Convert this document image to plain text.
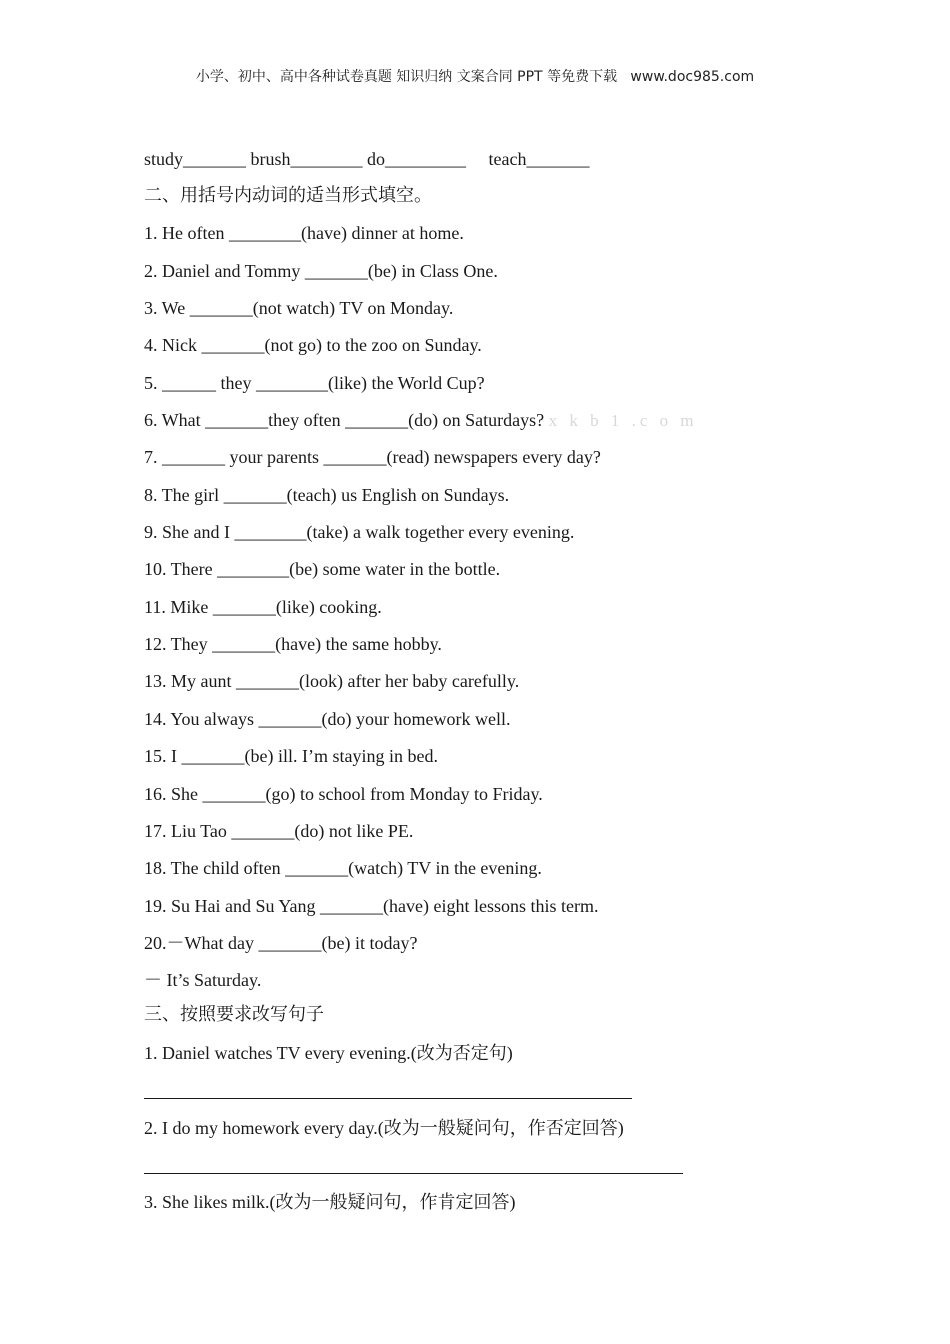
小学、初中、高中各种试卷真题 知识归纳 文案合同 PPT 等免费下载   www.doc985.com
study_______ brush________ do_________     teach_______
二、用括号内动词的适当形式填空。
1. He often ________(have) dinner at home.
2. Daniel and Tommy _______(be) in Class One.
3. We _______(not watch) TV on Monday.
4. Nick _______(not go) to the zoo on Sunday.
5. ______ they ________(like) the World Cup?
6. What _______they often _______(do) on Saturdays? x k b 1 .c o m
7. _______ your parents _______(read) newspapers every day?
8. The girl _______(teach) us English on Sundays.
9. She and I ________(take) a walk together every evening.
10. There ________(be) some water in the bottle.
11. Mike _______(like) cooking.
12. They _______(have) the same hobby.
13. My aunt _______(look) after her baby carefully.
14. You always _______(do) your homework well.
15. I _______(be) ill. I’m staying in bed.
16. She _______(go) to school from Monday to Friday.
17. Liu Tao _______(do) not like PE.
18. The child often _______(watch) TV in the evening.
19. Su Hai and Su Yang _______(have) eight lessons this term.
20.－What day _______(be) it today?
－ It’s Saturday.
三、按照要求改写句子
1. Daniel watches TV every evening.(改为否定句)
2. I do my homework every day.(改为一般疑问句，作否定回答)
3. She likes milk.(改为一般疑问句，作肯定回答)
